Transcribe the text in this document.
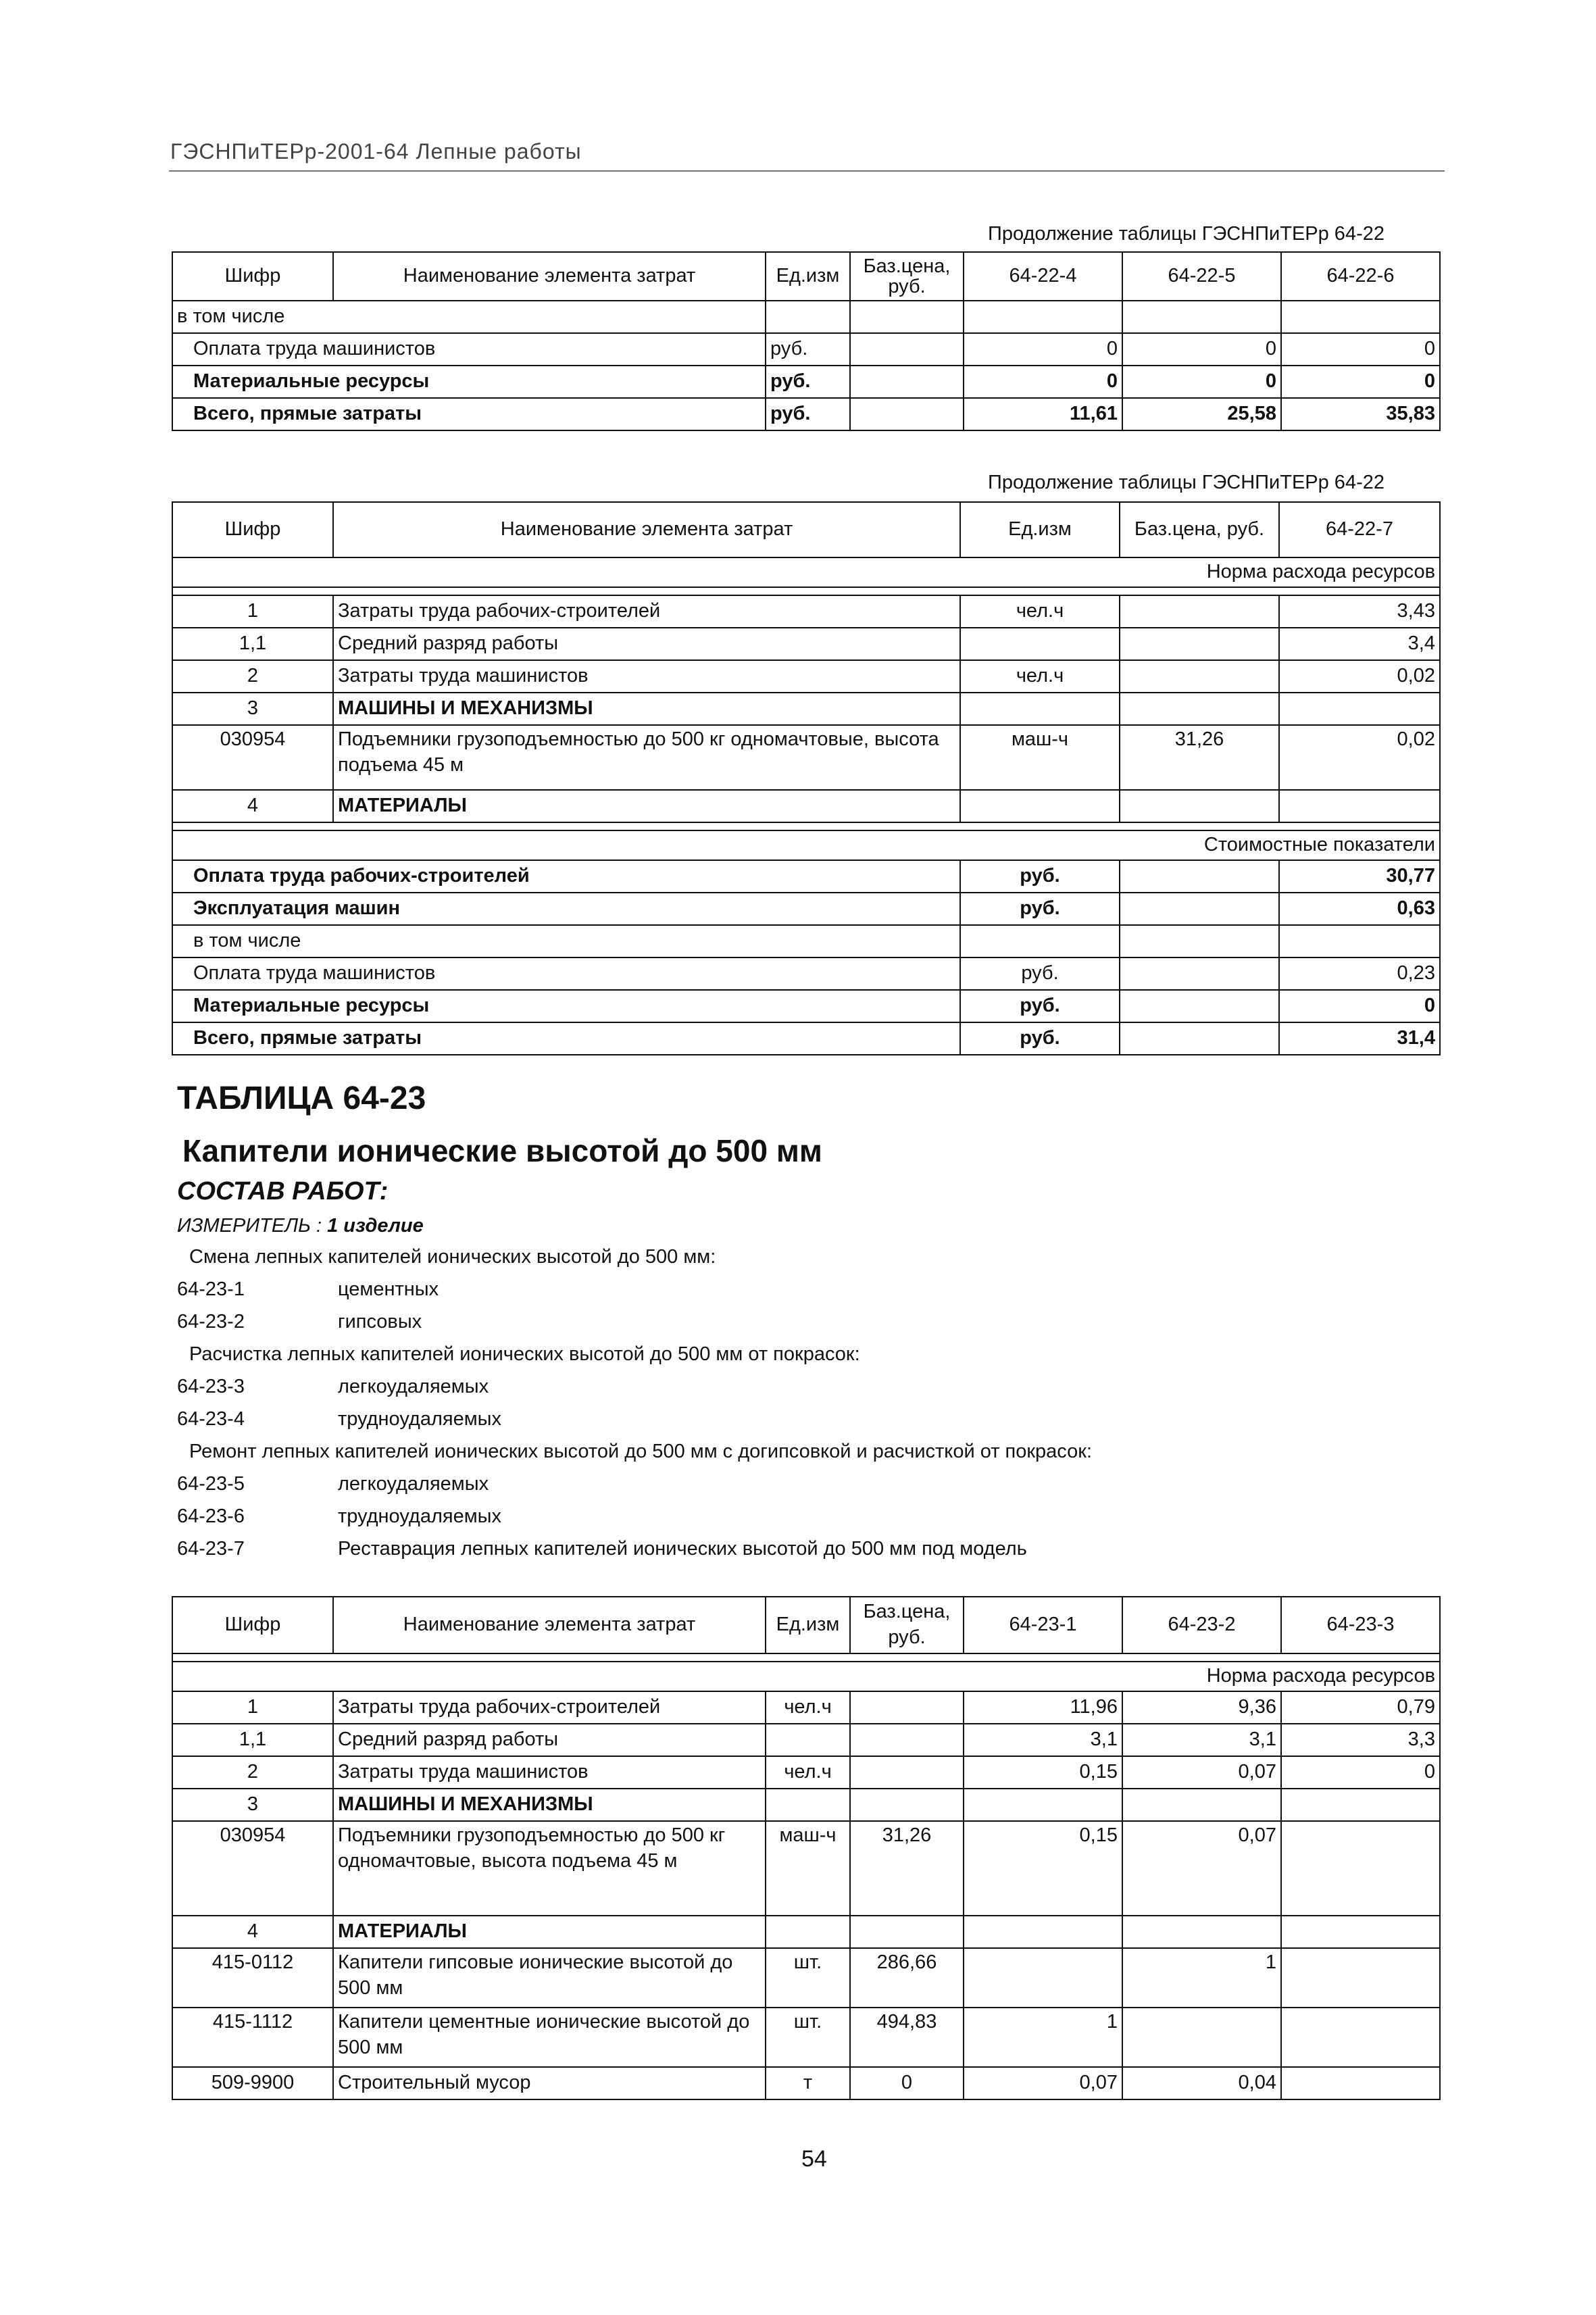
ГЭСНПиТЕРр-2001-64 Лепные работы
Продолжение таблицы ГЭСНПиТЕРр 64-22
Шифр	Наименование элемента затрат	Ед.изм	Баз.цена, руб.	64-22-4	64-22-5	64-22-6
в том числе						
Оплата труда машинистов		руб.		0	0	0
Материальные ресурсы		руб.		0	0	0
Всего, прямые затраты		руб.		11,61	25,58	35,83
Продолжение таблицы ГЭСНПиТЕРр 64-22
Шифр	Наименование элемента затрат	Ед.изм	Баз.цена, руб.	64-22-7
Норма расхода ресурсов				

1	Затраты труда рабочих-строителей	чел.ч		3,43
1,1	Средний разряд работы			3,4
2	Затраты труда машинистов	чел.ч		0,02
3	МАШИНЫ И МЕХАНИЗМЫ			
030954	Подъемники грузоподъемностью до 500 кг одномачтовые, высота подъема 45 м	маш-ч	31,26	0,02
4	МАТЕРИАЛЫ			

Стоимостные показатели				
Оплата труда рабочих-строителей		руб.		30,77
Эксплуатация машин		руб.		0,63
в том числе				
Оплата труда машинистов		руб.		0,23
Материальные ресурсы		руб.		0
Всего, прямые затраты		руб.		31,4
ТАБЛИЦА 64-23
Капители ионические высотой до 500 мм
СОСТАВ РАБОТ:
ИЗМЕРИТЕЛЬ : 1 изделие
Смена лепных капителей ионических высотой до 500 мм:
64-23-1	цементных
64-23-2	гипсовых
Расчистка лепных капителей ионических высотой до 500 мм от покрасок:
64-23-3	легкоудаляемых
64-23-4	трудноудаляемых
Ремонт лепных капителей ионических высотой до 500 мм с догипсовкой и расчисткой от покрасок:
64-23-5	легкоудаляемых
64-23-6	трудноудаляемых
64-23-7	Реставрация лепных капителей ионических высотой до 500 мм под модель
Шифр	Наименование элемента затрат	Ед.изм	Баз.цена, руб.	64-23-1	64-23-2	64-23-3

Норма расхода ресурсов						
1	Затраты труда рабочих-строителей	чел.ч		11,96	9,36	0,79
1,1	Средний разряд работы			3,1	3,1	3,3
2	Затраты труда машинистов	чел.ч		0,15	0,07	0
3	МАШИНЫ И МЕХАНИЗМЫ					
030954	Подъемники грузоподъемностью до 500 кг одномачтовые, высота подъема 45 м	маш-ч	31,26	0,15	0,07	
4	МАТЕРИАЛЫ					
415-0112	Капители гипсовые ионические высотой до 500 мм	шт.	286,66		1	
415-1112	Капители цементные ионические высотой до 500 мм	шт.	494,83	1		
509-9900	Строительный мусор	т	0	0,07	0,04	
54
